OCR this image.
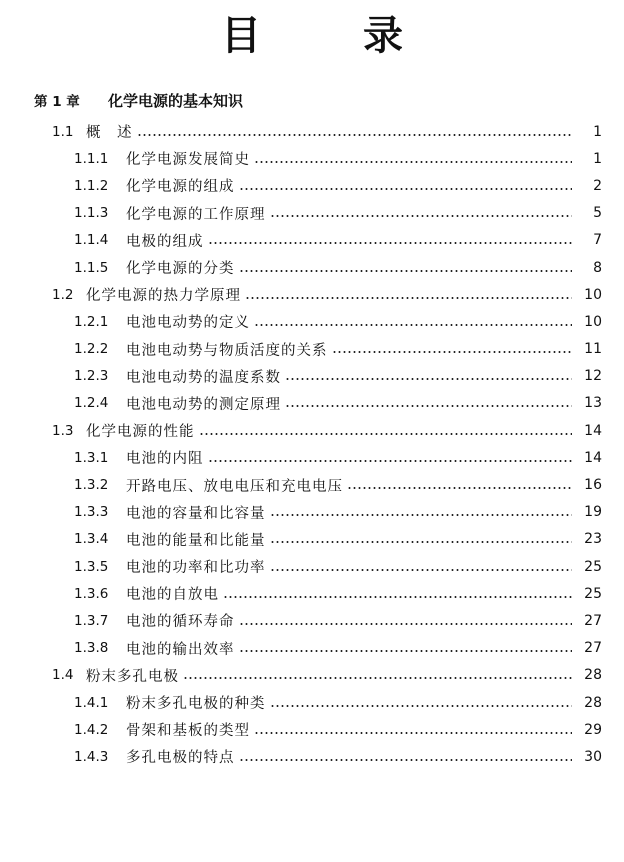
目 录
第 1 章 化学电源的基本知识
1.1 概　述	1
1.1.1	化学电源发展简史	1
1.1.2	化学电源的组成	2
1.1.3	化学电源的工作原理	5
1.1.4	电极的组成	7
1.1.5	化学电源的分类	8
1.2 化学电源的热力学原理	10
1.2.1	电池电动势的定义	10
1.2.2	电池电动势与物质活度的关系	11
1.2.3	电池电动势的温度系数	12
1.2.4	电池电动势的测定原理	13
1.3 化学电源的性能	14
1.3.1	电池的内阻	14
1.3.2	开路电压、放电电压和充电电压	16
1.3.3	电池的容量和比容量	19
1.3.4	电池的能量和比能量	23
1.3.5	电池的功率和比功率	25
1.3.6	电池的自放电	25
1.3.7	电池的循环寿命	27
1.3.8	电池的输出效率	27
1.4 粉末多孔电极	28
1.4.1	粉末多孔电极的种类	28
1.4.2	骨架和基板的类型	29
1.4.3	多孔电极的特点	30
